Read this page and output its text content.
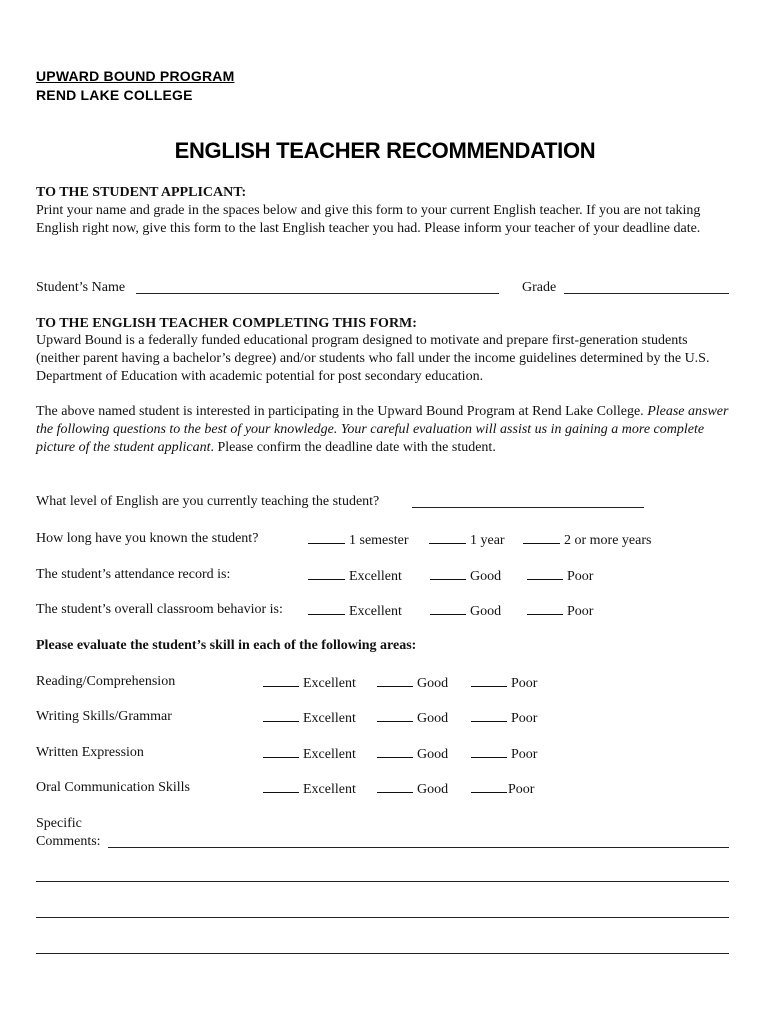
UPWARD BOUND PROGRAM
REND LAKE COLLEGE
ENGLISH TEACHER RECOMMENDATION
TO THE STUDENT APPLICANT:
Print your name and grade in the spaces below and give this form to your current English teacher. If you are not taking English right now, give this form to the last English teacher you had. Please inform your teacher of your deadline date.
Student’s Name	Grade
TO THE ENGLISH TEACHER COMPLETING THIS FORM:
Upward Bound is a federally funded educational program designed to motivate and prepare first-generation students (neither parent having a bachelor’s degree) and/or students who fall under the income guidelines determined by the U.S. Department of Education with academic potential for post secondary education.
The above named student is interested in participating in the Upward Bound Program at Rend Lake College. Please answer the following questions to the best of your knowledge. Your careful evaluation will assist us in gaining a more complete picture of the student applicant. Please confirm the deadline date with the student.
What level of English are you currently teaching the student?
How long have you known the student?	1 semester	1 year	2 or more years
The student’s attendance record is:	Excellent	Good	Poor
The student’s overall classroom behavior is:	Excellent	Good	Poor
Please evaluate the student’s skill in each of the following areas:
Reading/Comprehension	Excellent	Good	Poor
Writing Skills/Grammar	Excellent	Good	Poor
Written Expression	Excellent	Good	Poor
Oral Communication Skills	Excellent	Good	Poor
Specific
Comments:
